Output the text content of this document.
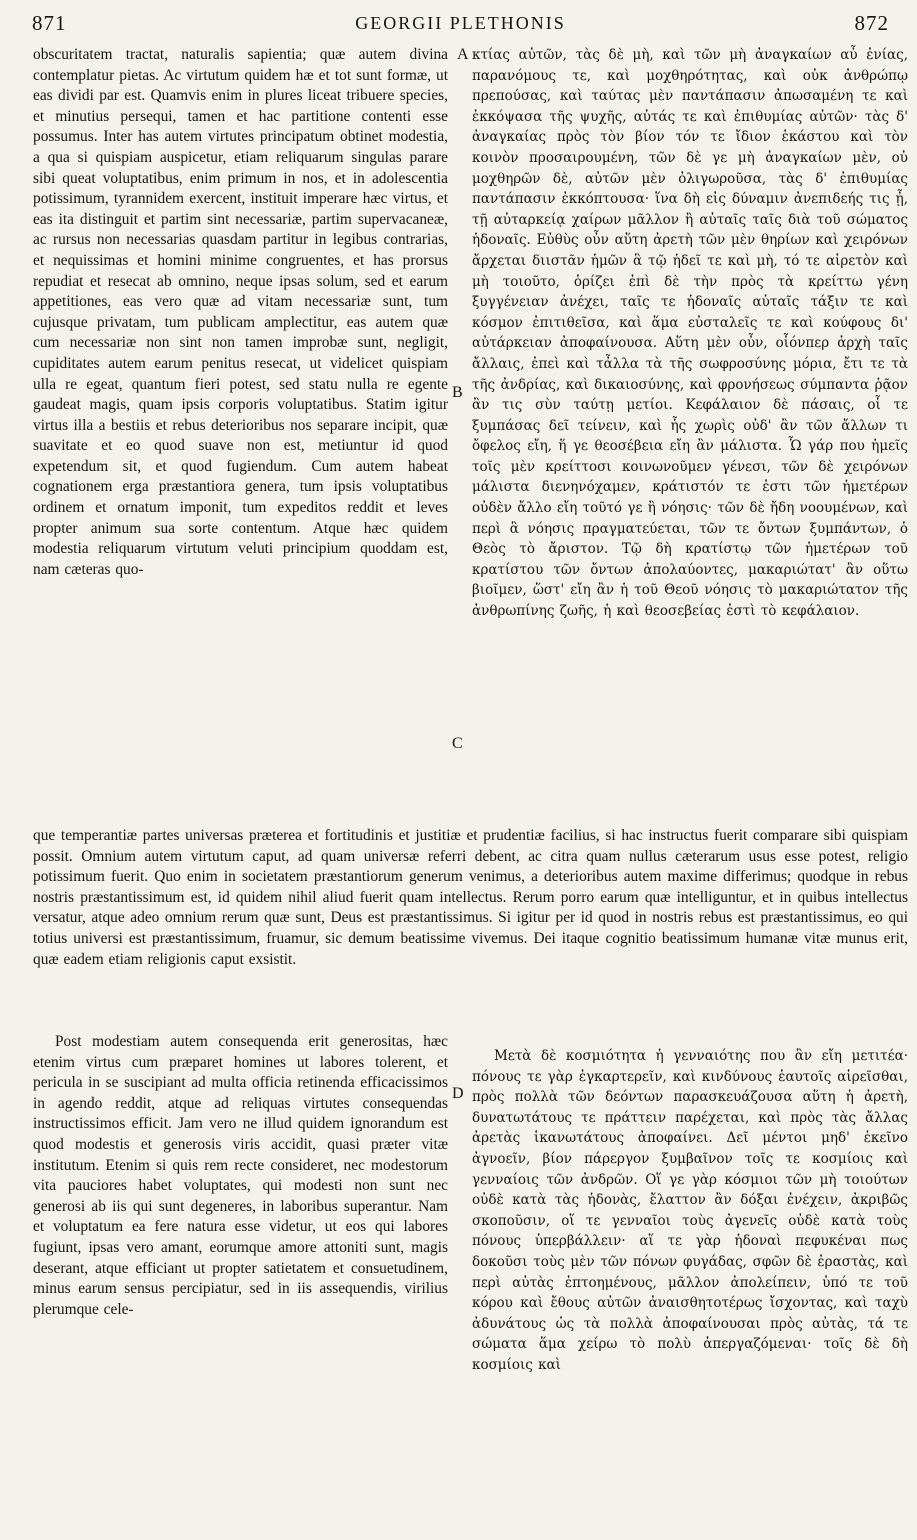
871	GEORGII PLETHONIS	872
A
B
C
D

obscuritatem tractat, naturalis sapientia; quæ autem divina contemplatur pietas. Ac virtutum quidem hæ et tot sunt formæ, ut eas dividi par est. Quamvis enim in plures liceat tribuere species, et minutius persequi, tamen et hac partitione contenti esse possumus. Inter has autem virtutes principatum obtinet modestia, a qua si quispiam auspicetur, etiam reliquarum singulas parare sibi queat voluptatibus, enim primum in nos, et in adolescentia potissimum, tyrannidem exercent, instituit imperare hæc virtus, et eas ita distinguit et partim sint necessariæ, partim supervacaneæ, ac rursus non necessarias quasdam partitur in legibus contrarias, et nequissimas et homini minime congruentes, et has prorsus repudiat et resecat ab omnino, neque ipsas solum, sed et earum appetitiones, eas vero quæ ad vitam necessariæ sunt, tum cujusque privatam, tum publicam amplectitur, eas autem quæ cum necessariæ non sint non tamen improbæ sunt, negligit, cupiditates autem earum penitus resecat, ut videlicet quispiam ulla re egeat, quantum fieri potest, sed statu nulla re egente gaudeat magis, quam ipsis corporis voluptatibus. Statim igitur virtus illa a bestiis et rebus deterioribus nos separare incipit, quæ suavitate et eo quod suave non est, metiuntur id quod expetendum sit, et quod fugiendum. Cum autem habeat cognationem erga præstantiora genera, tum ipsis voluptatibus ordinem et ornatum imponit, tum expeditos reddit et leves propter animum sua sorte contentum. Atque hæc quidem modestia reliquarum virtutum veluti principium quoddam est, nam cæteras quo-

κτίας αὐτῶν, τὰς δὲ μὴ, καὶ τῶν μὴ ἀναγκαίων αὖ ἐνίας, παρανόμους τε, καὶ μοχθηρότητας, καὶ οὐκ ἀνθρώπῳ πρεπούσας, καὶ ταύτας μὲν παντάπασιν ἀπωσαμένη τε καὶ ἐκκόψασα τῆς ψυχῆς, αὐτάς τε καὶ ἐπιθυμίας αὐτῶν· τὰς δ' ἀναγκαίας πρὸς τὸν βίον τόν τε ἴδιον ἑκάστου καὶ τὸν κοινὸν προσαιρουμένη, τῶν δὲ γε μὴ ἀναγκαίων μὲν, οὐ μοχθηρῶν δὲ, αὐτῶν μὲν ὀλιγωροῦσα, τὰς δ' ἐπιθυμίας παντάπασιν ἐκκόπτουσα· ἵνα δὴ εἰς δύναμιν ἀνεπιδεής τις ᾖ, τῇ αὐταρκείᾳ χαίρων μᾶλλον ἢ αὐταῖς ταῖς διὰ τοῦ σώματος ἡδοναῖς. Εὐθὺς οὖν αὕτη ἀρετὴ τῶν μὲν θηρίων καὶ χειρόνων ἄρχεται διιστᾶν ἡμῶν ἃ τῷ ἡδεῖ τε καὶ μὴ, τό τε αἱρετὸν καὶ μὴ τοιοῦτο, ὁρίζει ἐπὶ δὲ τὴν πρὸς τὰ κρείττω γένη ξυγγένειαν ἀνέχει, ταῖς τε ἡδοναῖς αὐταῖς τάξιν τε καὶ κόσμον ἐπιτιθεῖσα, καὶ ἅμα εὐσταλεῖς τε καὶ κούφους δι' αὐτάρκειαν ἀποφαίνουσα. Αὕτη μὲν οὖν, οἷόνπερ ἀρχὴ ταῖς ἄλλαις, ἐπεὶ καὶ τἆλλα τὰ τῆς σωφροσύνης μόρια, ἔτι τε τὰ τῆς ἀνδρίας, καὶ δικαιοσύνης, καὶ φρονήσεως σύμπαντα ῥᾷον ἂν τις σὺν ταύτῃ μετίοι. Κεφάλαιον δὲ πάσαις, οἷ τε ξυμπάσας δεῖ τείνειν, καὶ ἧς χωρὶς οὐδ' ἂν τῶν ἄλλων τι ὄφελος εἴη, ἥ γε θεοσέβεια εἴη ἂν μάλιστα. Ὧ γάρ που ἡμεῖς τοῖς μὲν κρείττοσι κοινωνοῦμεν γένεσι, τῶν δὲ χειρόνων μάλιστα διενηνόχαμεν, κράτιστόν τε ἐστι τῶν ἡμετέρων οὐδὲν ἄλλο εἴη τοῦτό γε ἢ νόησις· τῶν δὲ ἤδη νοουμένων, καὶ περὶ ἃ νόησις πραγματεύεται, τῶν τε ὄντων ξυμπάντων, ὁ Θεὸς τὸ ἄριστον. Τῷ δὴ κρατίστῳ τῶν ἡμετέρων τοῦ κρατίστου τῶν ὄντων ἀπολαύοντες, μακαριώτατ' ἂν οὕτω βιοῖμεν, ὥστ' εἴη ἂν ἡ τοῦ Θεοῦ νόησις τὸ μακαριώτατον τῆς ἀνθρωπίνης ζωῆς, ἡ καὶ θεοσεβείας ἐστὶ τὸ κεφάλαιον.

que temperantiæ partes universas præterea et fortitudinis et justitiæ et prudentiæ facilius, si hac instructus fuerit comparare sibi quispiam possit. Omnium autem virtutum caput, ad quam universæ referri debent, ac citra quam nullus cæterarum usus esse potest, religio potissimum fuerit. Quo enim in societatem præstantiorum generum venimus, a deterioribus autem maxime differimus; quodque in rebus nostris præstantissimum est, id quidem nihil aliud fuerit quam intellectus. Rerum porro earum quæ intelliguntur, et in quibus intellectus versatur, atque adeo omnium rerum quæ sunt, Deus est præstantissimus. Si igitur per id quod in nostris rebus est præstantissimus, eo qui totius universi est præstantissimum, fruamur, sic demum beatissime vivemus. Dei itaque cognitio beatissimum humanæ vitæ munus erit, quæ eadem etiam religionis caput exsistit.

Post modestiam autem consequenda erit generositas, hæc etenim virtus cum præparet homines ut labores tolerent, et pericula in se suscipiant ad multa officia retinenda efficacissimos in agendo reddit, atque ad reliquas virtutes consequendas instructissimos efficit. Jam vero ne illud quidem ignorandum est quod modestis et generosis viris accidit, quasi præter vitæ institutum. Etenim si quis rem recte consideret, nec modestorum vita pauciores habet voluptates, qui modesti non sunt nec generosi ab iis qui sunt degeneres, in laboribus superantur. Nam et voluptatum ea fere natura esse videtur, ut eos qui labores fugiunt, ipsas vero amant, eorumque amore attoniti sunt, magis deserant, atque efficiant ut propter satietatem et consuetudinem, minus earum sensus percipiatur, sed in iis assequendis, virilius plerumque cele-

Μετὰ δὲ κοσμιότητα ἡ γενναιότης που ἂν εἴη μετιτέα· πόνους τε γὰρ ἐγκαρτερεῖν, καὶ κινδύνους ἑαυτοῖς αἱρεῖσθαι, πρὸς πολλὰ τῶν δεόντων παρασκευάζουσα αὕτη ἡ ἀρετὴ, δυνατωτάτους τε πράττειν παρέχεται, καὶ πρὸς τὰς ἄλλας ἀρετὰς ἱκανωτάτους ἀποφαίνει. Δεῖ μέντοι μηδ' ἐκεῖνο ἀγνοεῖν, βίον πάρεργον ξυμβαῖνον τοῖς τε κοσμίοις καὶ γενναίοις τῶν ἀνδρῶν. Οἵ γε γὰρ κόσμιοι τῶν μὴ τοιούτων οὐδὲ κατὰ τὰς ἡδονὰς, ἔλαττον ἂν δόξαι ἐνέχειν, ἀκριβῶς σκοποῦσιν, οἵ τε γενναῖοι τοὺς ἀγενεῖς οὐδὲ κατὰ τοὺς πόνους ὑπερβάλλειν· αἵ τε γὰρ ἡδοναὶ πεφυκέναι πως δοκοῦσι τοὺς μὲν τῶν πόνων φυγάδας, σφῶν δὲ ἐραστὰς, καὶ περὶ αὐτὰς ἐπτοημένους, μᾶλλον ἀπολείπειν, ὑπό τε τοῦ κόρου καὶ ἔθους αὐτῶν ἀναισθητοτέρως ἴσχοντας, καὶ ταχὺ ἀδυνάτους ὡς τὰ πολλὰ ἀποφαίνουσαι πρὸς αὐτὰς, τά τε σώματα ἅμα χείρω τὸ πολὺ ἀπεργαζόμεναι· τοῖς δὲ δὴ κοσμίοις καὶ
